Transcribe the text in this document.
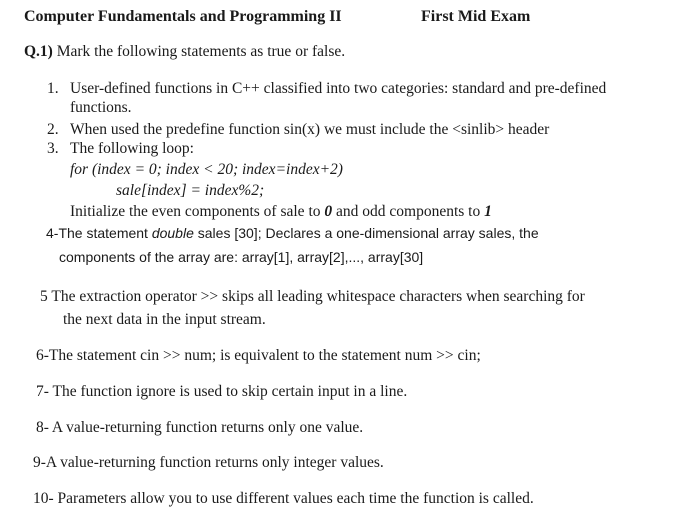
Computer Fundamentals and Programming II	First Mid Exam
Q.1) Mark the following statements as true or false.
1. User-defined functions in C++ classified into two categories: standard and pre-defined
functions.
2. When used the predefine function sin(x) we must include the <sinlib> header
3. The following loop:
for (index = 0; index < 20; index=index+2)
sale[index] = index%2;
Initialize the even components of sale to 0 and odd components to 1
4-The statement double sales [30]; Declares a one-dimensional array sales, the
components of the array are: array[1], array[2],..., array[30]
5 The extraction operator >> skips all leading whitespace characters when searching for
the next data in the input stream.
6-The statement cin >> num; is equivalent to the statement num >> cin;
7- The function ignore is used to skip certain input in a line.
8- A value-returning function returns only one value.
9-A value-returning function returns only integer values.
10- Parameters allow you to use different values each time the function is called.
